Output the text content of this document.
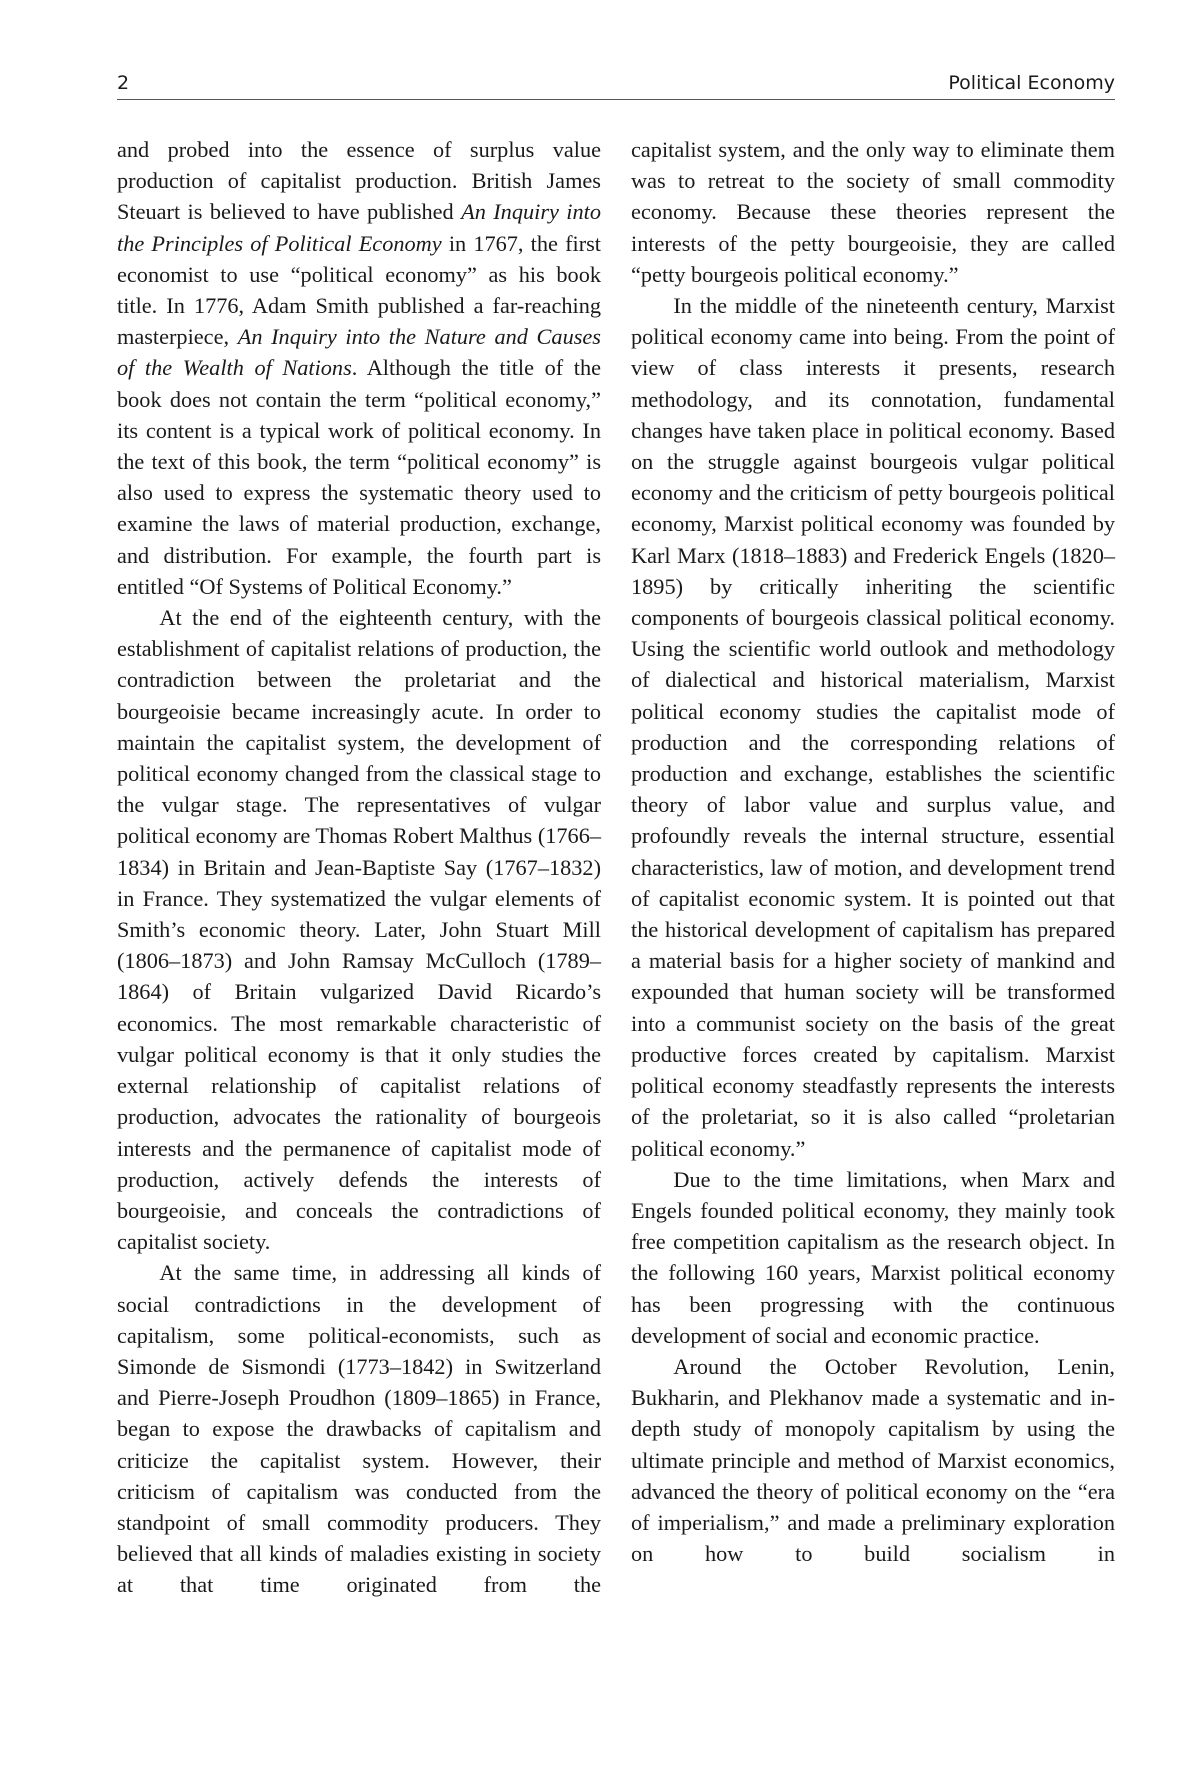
2	Political Economy

and probed into the essence of surplus value production of capitalist production. British James Steuart is believed to have published An Inquiry into the Principles of Political Economy in 1767, the first economist to use “political economy” as his book title. In 1776, Adam Smith published a far-reaching masterpiece, An Inquiry into the Nature and Causes of the Wealth of Nations. Although the title of the book does not contain the term “political economy,” its content is a typical work of political economy. In the text of this book, the term “political economy” is also used to express the systematic theory used to examine the laws of material production, exchange, and distribution. For example, the fourth part is entitled “Of Systems of Political Economy.”

At the end of the eighteenth century, with the establishment of capitalist relations of production, the contradiction between the proletariat and the bourgeoisie became increasingly acute. In order to maintain the capitalist system, the development of political economy changed from the classical stage to the vulgar stage. The representatives of vulgar political economy are Thomas Robert Malthus (1766–1834) in Britain and Jean-Baptiste Say (1767–1832) in France. They systematized the vulgar elements of Smith’s economic theory. Later, John Stuart Mill (1806–1873) and John Ramsay McCulloch (1789–1864) of Britain vulgarized David Ricardo’s economics. The most remarkable characteristic of vulgar political economy is that it only studies the external relationship of capitalist relations of production, advocates the rationality of bourgeois interests and the permanence of capitalist mode of production, actively defends the interests of bourgeoisie, and conceals the contradictions of capitalist society.

At the same time, in addressing all kinds of social contradictions in the development of capitalism, some political-economists, such as Simonde de Sismondi (1773–1842) in Switzerland and Pierre-Joseph Proudhon (1809–1865) in France, began to expose the drawbacks of capitalism and criticize the capitalist system. However, their criticism of capitalism was conducted from the standpoint of small commodity producers. They believed that all kinds of maladies existing in society at that time originated from the

capitalist system, and the only way to eliminate them was to retreat to the society of small commodity economy. Because these theories represent the interests of the petty bourgeoisie, they are called “petty bourgeois political economy.”

In the middle of the nineteenth century, Marxist political economy came into being. From the point of view of class interests it presents, research methodology, and its connotation, fundamental changes have taken place in political economy. Based on the struggle against bourgeois vulgar political economy and the criticism of petty bourgeois political economy, Marxist political economy was founded by Karl Marx (1818–1883) and Frederick Engels (1820–1895) by critically inheriting the scientific components of bourgeois classical political economy. Using the scientific world outlook and methodology of dialectical and historical materialism, Marxist political economy studies the capitalist mode of production and the corresponding relations of production and exchange, establishes the scientific theory of labor value and surplus value, and profoundly reveals the internal structure, essential characteristics, law of motion, and development trend of capitalist economic system. It is pointed out that the historical development of capitalism has prepared a material basis for a higher society of mankind and expounded that human society will be transformed into a communist society on the basis of the great productive forces created by capitalism. Marxist political economy steadfastly represents the interests of the proletariat, so it is also called “proletarian political economy.”

Due to the time limitations, when Marx and Engels founded political economy, they mainly took free competition capitalism as the research object. In the following 160 years, Marxist political economy has been progressing with the continuous development of social and economic practice.

Around the October Revolution, Lenin, Bukharin, and Plekhanov made a systematic and in-depth study of monopoly capitalism by using the ultimate principle and method of Marxist economics, advanced the theory of political economy on the “era of imperialism,” and made a preliminary exploration on how to build socialism in
